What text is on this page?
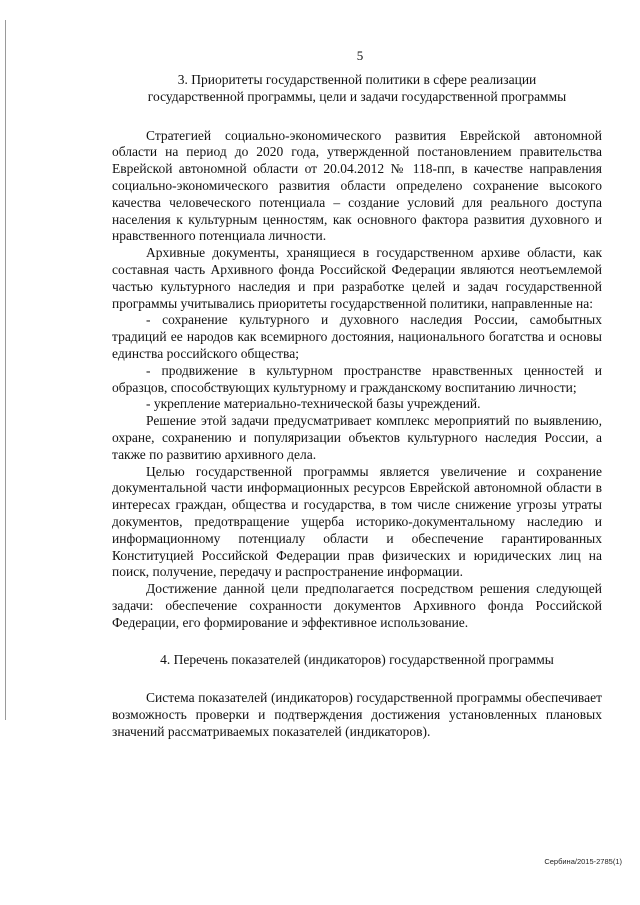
5
3. Приоритеты государственной политики в сфере реализации
государственной программы, цели и задачи государственной программы

Стратегией социально-экономического развития Еврейской автономной области на период до 2020 года, утвержденной постановлением правительства Еврейской автономной области от 20.04.2012 № 118-пп, в качестве направления социально-экономического развития области определено сохранение высокого качества человеческого потенциала – создание условий для реального доступа населения к культурным ценностям, как основного фактора развития духовного и нравственного потенциала личности.

Архивные документы, хранящиеся в государственном архиве области, как составная часть Архивного фонда Российской Федерации являются неотъемлемой частью культурного наследия и при разработке целей и задач государственной программы учитывались приоритеты государственной политики, направленные на:

- сохранение культурного и духовного наследия России, самобытных традиций ее народов как всемирного достояния, национального богатства и основы единства российского общества;

- продвижение в культурном пространстве нравственных ценностей и образцов, способствующих культурному и гражданскому воспитанию личности;

- укрепление материально-технической базы учреждений.

Решение этой задачи предусматривает комплекс мероприятий по выявлению, охране, сохранению и популяризации объектов культурного наследия России, а также по развитию архивного дела.

Целью государственной программы является увеличение и сохранение документальной части информационных ресурсов Еврейской автономной области в интересах граждан, общества и государства, в том числе снижение угрозы утраты документов, предотвращение ущерба историко-документальному наследию и информационному потенциалу области и обеспечение гарантированных Конституцией Российской Федерации прав физических и юридических лиц на поиск, получение, передачу и распространение информации.

Достижение данной цели предполагается посредством решения следующей задачи: обеспечение сохранности документов Архивного фонда Российской Федерации, его формирование и эффективное использование.

4. Перечень показателей (индикаторов) государственной программы

Система показателей (индикаторов) государственной программы обеспечивает возможность проверки и подтверждения достижения установленных плановых значений рассматриваемых показателей (индикаторов).

Сербина/2015-2785(1)
